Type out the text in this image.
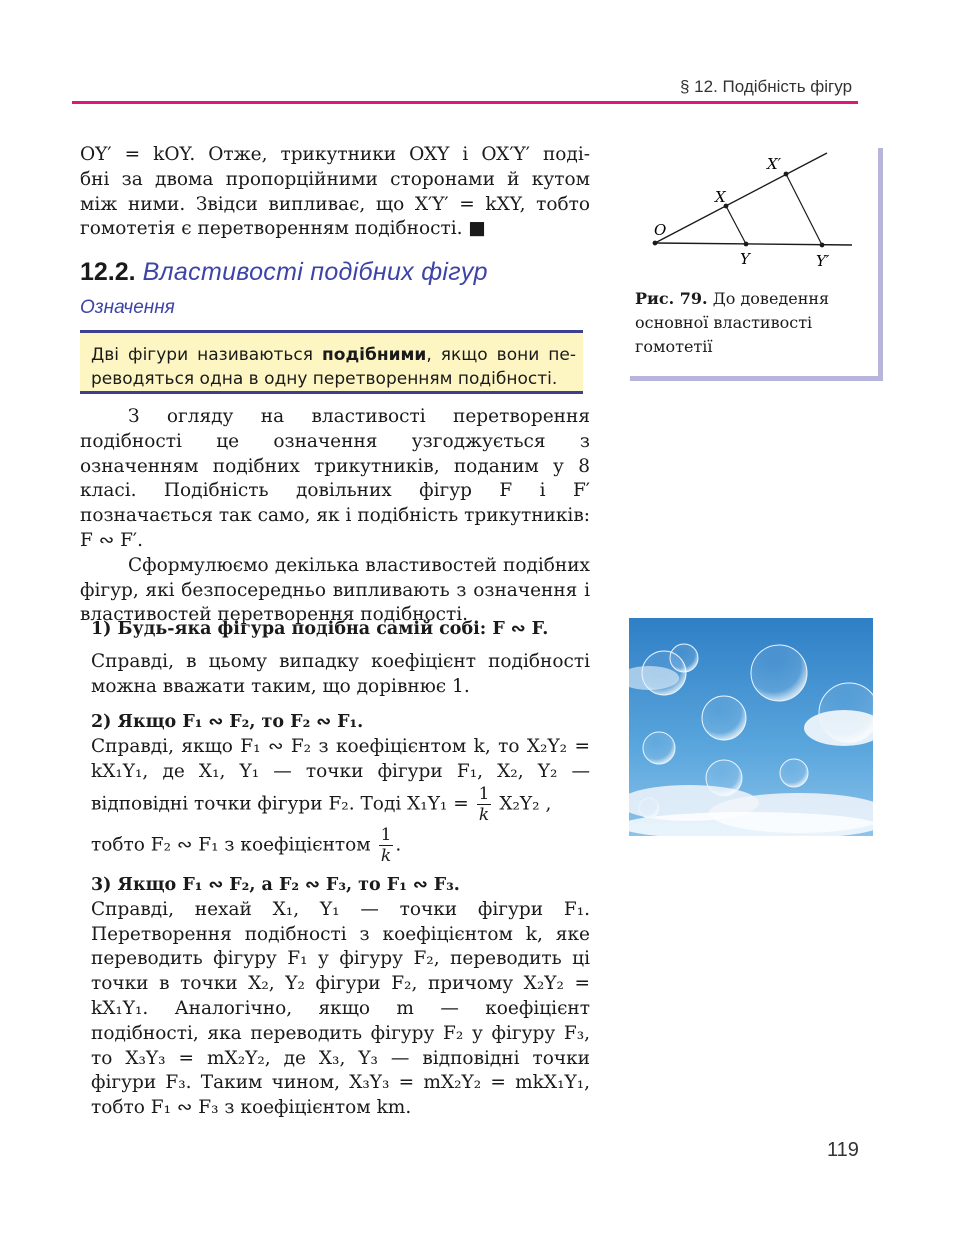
§ 12. Подібність фігур

OY′ = kOY. Отже, трикутники OXY і OX′Y′ поді-

бні за двома пропорційними сторонами й кутом

між ними. Звідси випливає, що X′Y′ = kXY, тобто

гомотетія є перетворенням подібності. ■

12.2. Властивості подібних фігур
Означення
Дві фігури називаються подібними, якщо вони пе-реводяться одна в одну перетворенням подібності.

З огляду на властивості перетворення подібності це означення узгоджується з означенням подібних трикутників, поданим у 8 класі. Подібність довільних фігур F і F′ позначається так само, як і подібність трикутників: F ∾ F′.

Сформулюємо декілька властивостей подібних фігур, які безпосередньо випливають з означення і властивостей перетворення подібності.

1) Будь-яка фігура подібна самій собі: F ∾ F.

Справді, в цьому випадку коефіцієнт подібності можна вважати таким, що дорівнює 1.

2) Якщо F₁ ∾ F₂, то F₂ ∾ F₁.

Справді, якщо F₁ ∾ F₂ з коефіцієнтом k, то X₂Y₂ = kX₁Y₁, де X₁, Y₁ — точки фігури F₁, X₂, Y₂ — відповідні точки фігури F₂. Тоді $X_1Y_1 = \frac{1}{k} X_2Y_2$ ,

тобто F₂ ∾ F₁ з коефіцієнтом $\frac{1}{k}$ .

3) Якщо F₁ ∾ F₂, а F₂ ∾ F₃, то F₁ ∾ F₃.

Справді, нехай X₁, Y₁ — точки фігури F₁. Перетворення подібності з коефіцієнтом k, яке переводить фігуру F₁ у фігуру F₂, переводить ці точки в точки X₂, Y₂ фігури F₂, причому X₂Y₂ = kX₁Y₁. Аналогічно, якщо m — коефіцієнт подібності, яка переводить фігуру F₂ у фігуру F₃, то X₃Y₃ = mX₂Y₂, де X₃, Y₃ — відповідні точки фігури F₃. Таким чином, X₃Y₃ = mX₂Y₂ = mkX₁Y₁, тобто F₁ ∾ F₃ з коефіцієнтом km.

O
X
X′
Y	Y′
Рис. 79. До доведення основної властивості гомотетії
119
